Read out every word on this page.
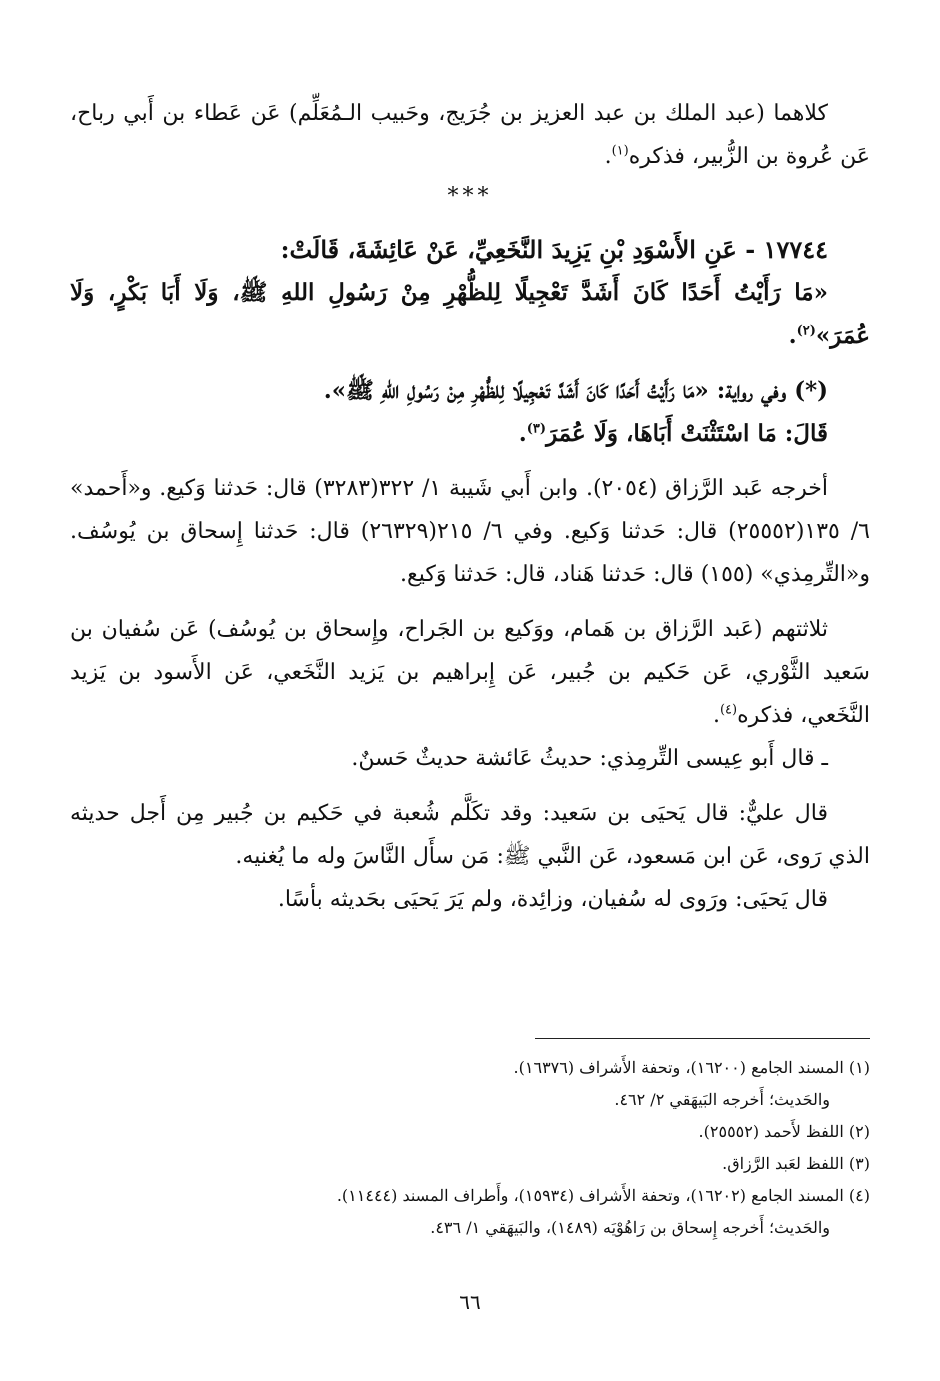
كلاهما (عبد الملك بن عبد العزيز بن جُرَيج، وحَبيب الـمُعَلِّم) عَن عَطاء بن أَبي رباح، عَن عُروة بن الزُّبير، فذكره$^{(١)}$.

***

١٧٧٤٤ - عَنِ الأَسْوَدِ بْنِ يَزِيدَ النَّخَعِيِّ، عَنْ عَائِشَةَ، قَالَتْ:

«مَا رَأَيْتُ أَحَدًا كَانَ أَشَدَّ تَعْجِيلًا لِلظُّهْرِ مِنْ رَسُولِ اللهِ ﷺ، وَلَا أَبَا بَكْرٍ، وَلَا عُمَرَ»$^{(٢)}$.

(*) وفي رواية: «مَا رَأَيْتُ أَحَدًا كَانَ أَشَدَّ تَعْجِيلًا لِلظُّهْرِ مِنْ رَسُولِ اللهِ ﷺ».

قَالَ: مَا اسْتَثْنَتْ أَبَاهَا، وَلَا عُمَرَ$^{(٣)}$.

أخرجه عَبد الرَّزاق (٢٠٥٤). وابن أَبي شَيبة ١/ ٣٢٢(٣٢٨٣) قال: حَدثنا وَكيع. و«أَحمد» ٦/ ١٣٥(٢٥٥٥٢) قال: حَدثنا وَكيع. وفي ٦/ ٢١٥(٢٦٣٢٩) قال: حَدثنا إِسحاق بن يُوسُف. و«التِّرمِذي» (١٥٥) قال: حَدثنا هَناد، قال: حَدثنا وَكيع.

ثلاثتهم (عَبد الرَّزاق بن هَمام، ووَكيع بن الجَراح، وإِسحاق بن يُوسُف) عَن سُفيان بن سَعيد الثَّوْري، عَن حَكيم بن جُبير، عَن إِبراهيم بن يَزيد النَّخَعي، عَن الأَسود بن يَزيد النَّخَعي، فذكره$^{(٤)}$.

ـ قال أَبو عِيسى التِّرمِذي: حديثُ عَائشة حديثٌ حَسنٌ.

قال عليٌّ: قال يَحيَى بن سَعيد: وقد تكَلَّم شُعبة في حَكيم بن جُبير مِن أَجل حديثه الذي رَوى، عَن ابن مَسعود، عَن النَّبي ﷺ: مَن سأَل النَّاسَ وله ما يُغنيه.

قال يَحيَى: ورَوى له سُفيان، وزائِدة، ولم يَرَ يَحيَى بحَديثه بأسًا.

(١) المسند الجامع (١٦٢٠٠)، وتحفة الأَشراف (١٦٣٧٦).

والحَديث؛ أَخرجه البَيهَقي ٢/ ٤٦٢.

(٢) اللفظ لأَحمد (٢٥٥٥٢).

(٣) اللفظ لعَبد الرَّزاق.

(٤) المسند الجامع (١٦٢٠٢)، وتحفة الأَشراف (١٥٩٣٤)، وأَطراف المسند (١١٤٤٤).

والحَديث؛ أَخرجه إِسحاق بن رَاهُوْيَه (١٤٨٩)، والبَيهَقي ١/ ٤٣٦.

٦٦
